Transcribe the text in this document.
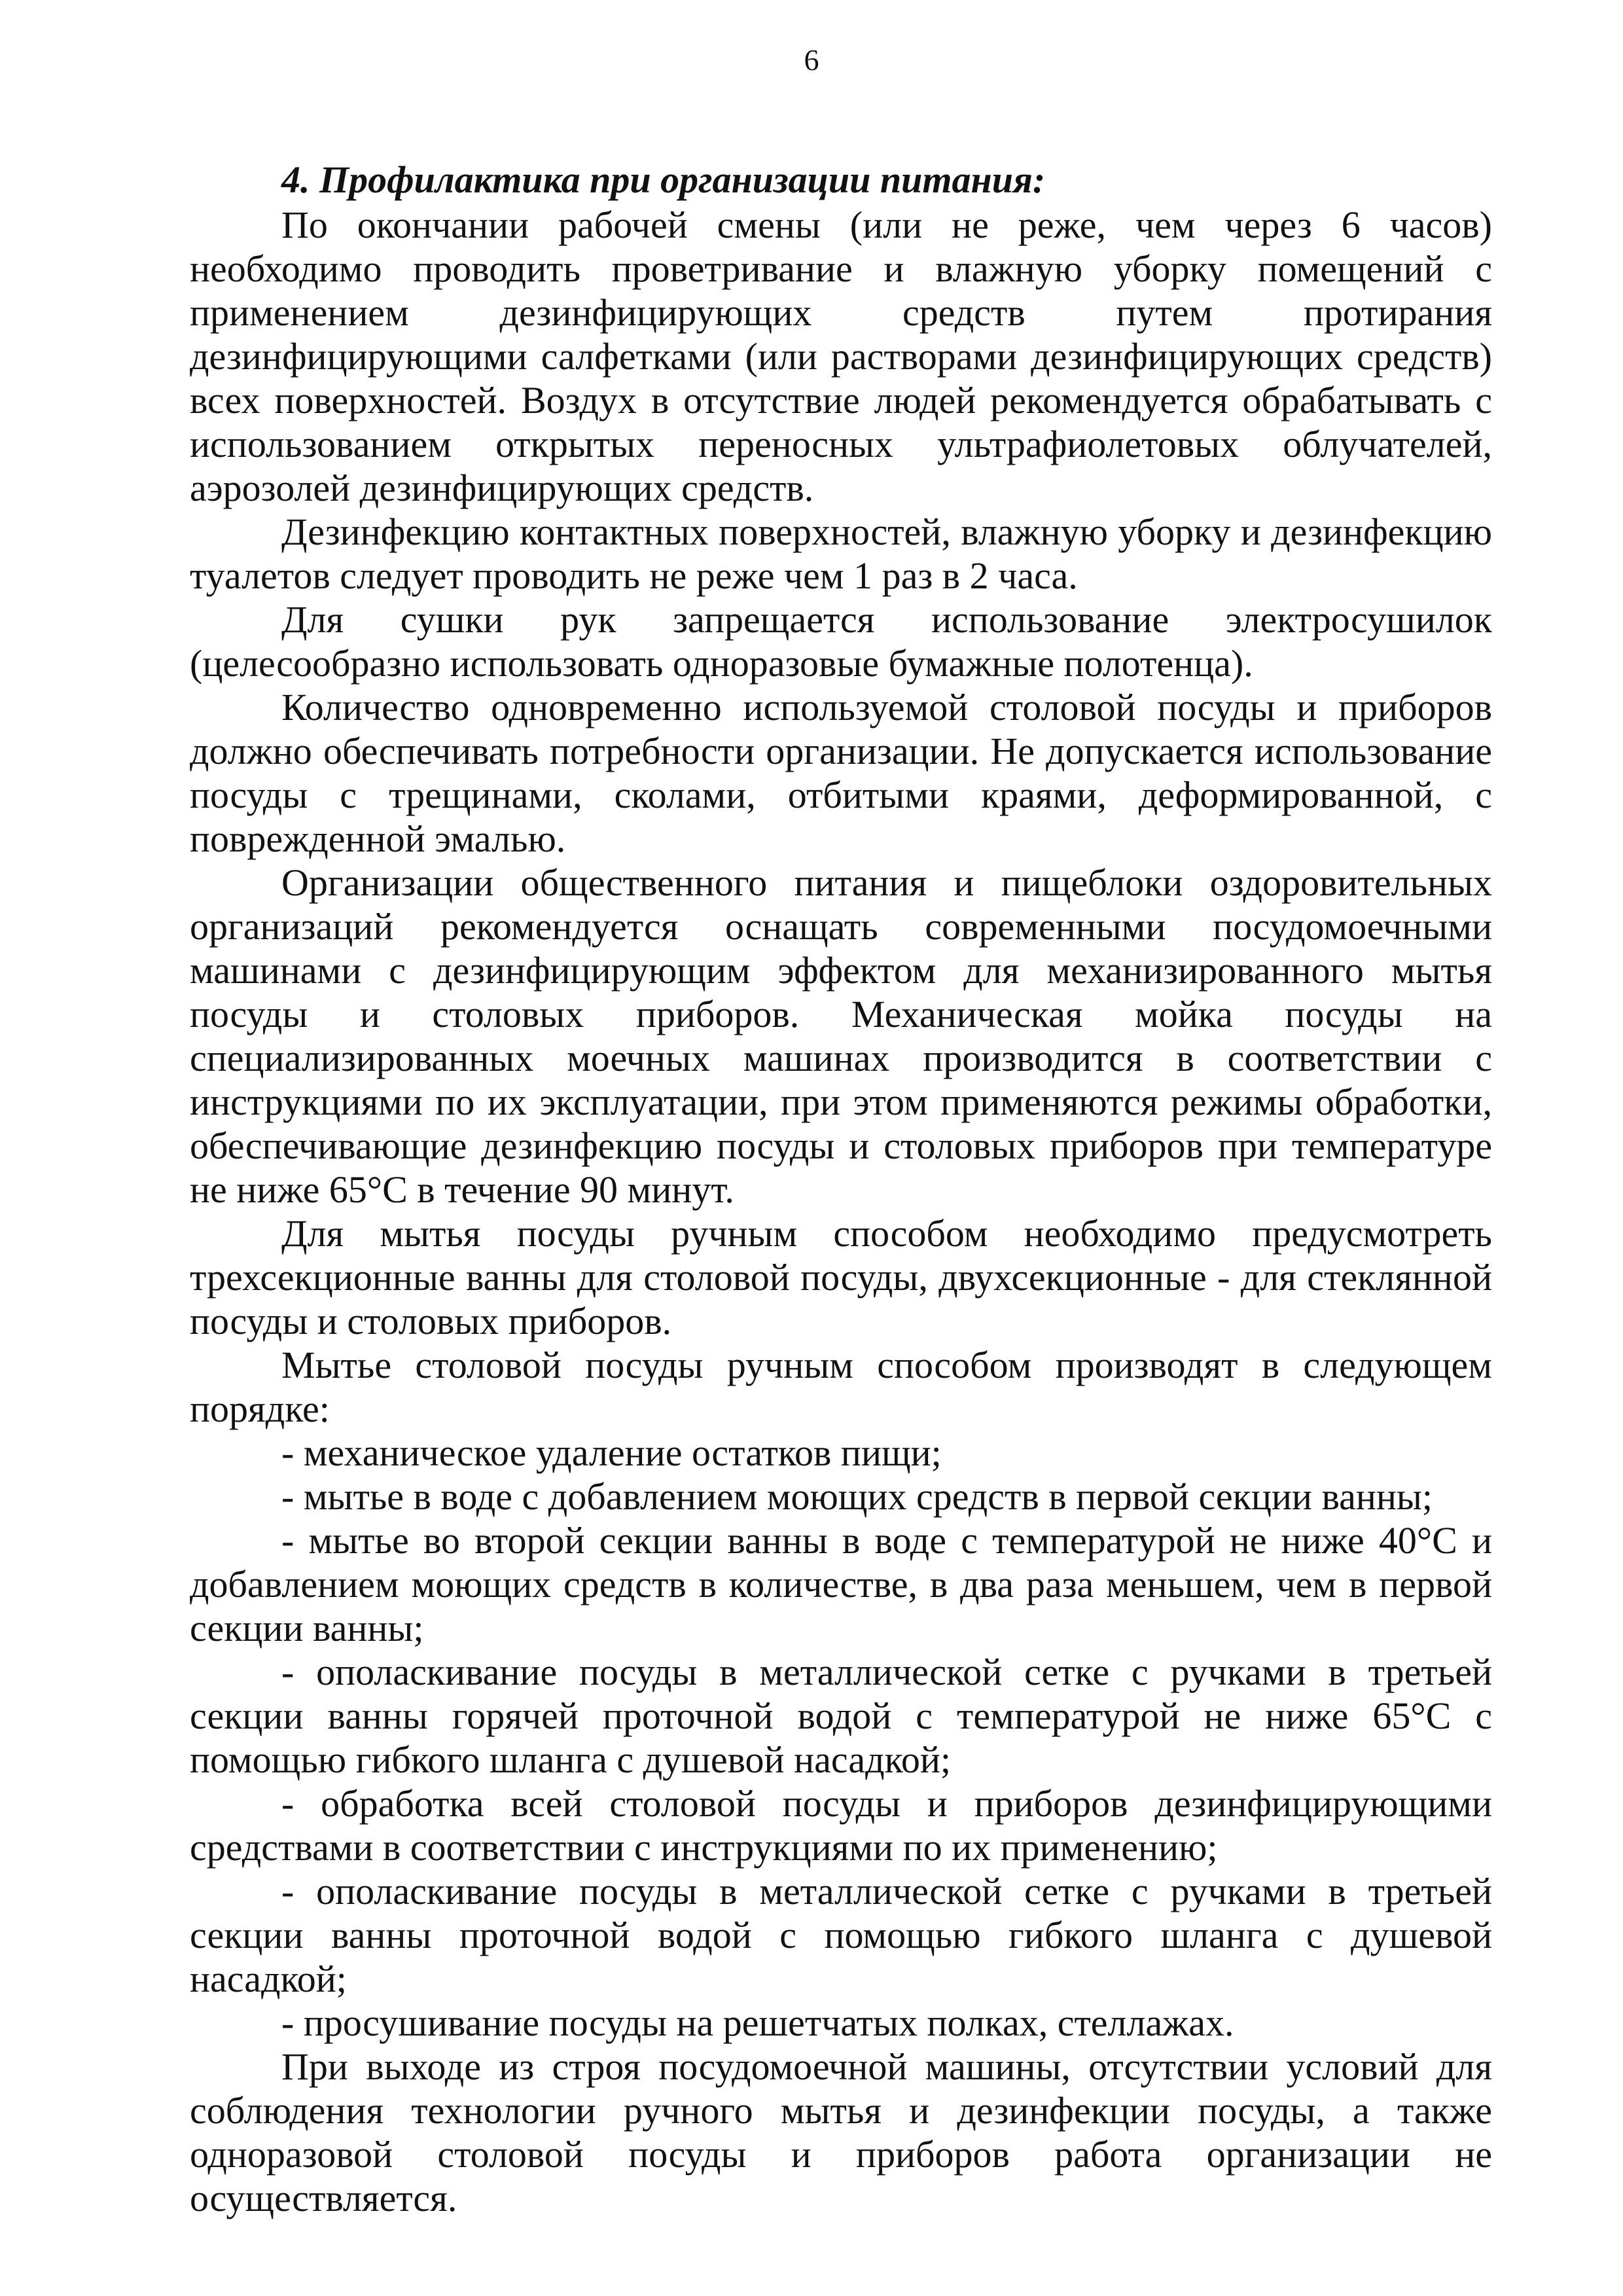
6

4. Профилактика при организации питания:

По окончании рабочей смены (или не реже, чем через 6 часов) необходимо проводить проветривание и влажную уборку помещений с применением дезинфицирующих средств путем протирания дезинфицирующими салфетками (или растворами дезинфицирующих средств) всех поверхностей. Воздух в отсутствие людей рекомендуется обрабатывать с использованием открытых переносных ультрафиолетовых облучателей, аэрозолей дезинфицирующих средств.

Дезинфекцию контактных поверхностей, влажную уборку и дезинфекцию туалетов следует проводить не реже чем 1 раз в 2 часа.

Для сушки рук запрещается использование электросушилок (целесообразно использовать одноразовые бумажные полотенца).

Количество одновременно используемой столовой посуды и приборов должно обеспечивать потребности организации. Не допускается использование посуды с трещинами, сколами, отбитыми краями, деформированной, с поврежденной эмалью.

Организации общественного питания и пищеблоки оздоровительных организаций рекомендуется оснащать современными посудомоечными машинами с дезинфицирующим эффектом для механизированного мытья посуды и столовых приборов. Механическая мойка посуды на специализированных моечных машинах производится в соответствии с инструкциями по их эксплуатации, при этом применяются режимы обработки, обеспечивающие дезинфекцию посуды и столовых приборов при температуре не ниже 65°С в течение 90 минут.

Для мытья посуды ручным способом необходимо предусмотреть трехсекционные ванны для столовой посуды, двухсекционные - для стеклянной посуды и столовых приборов.

Мытье столовой посуды ручным способом производят в следующем порядке:

- механическое удаление остатков пищи;

- мытье в воде с добавлением моющих средств в первой секции ванны;

- мытье во второй секции ванны в воде с температурой не ниже 40°С и добавлением моющих средств в количестве, в два раза меньшем, чем в первой секции ванны;

- ополаскивание посуды в металлической сетке с ручками в третьей секции ванны горячей проточной водой с температурой не ниже 65°С с помощью гибкого шланга с душевой насадкой;

- обработка всей столовой посуды и приборов дезинфицирующими средствами в соответствии с инструкциями по их применению;

- ополаскивание посуды в металлической сетке с ручками в третьей секции ванны проточной водой с помощью гибкого шланга с душевой насадкой;

- просушивание посуды на решетчатых полках, стеллажах.

При выходе из строя посудомоечной машины, отсутствии условий для соблюдения технологии ручного мытья и дезинфекции посуды, а также одноразовой столовой посуды и приборов работа организации не осуществляется.
